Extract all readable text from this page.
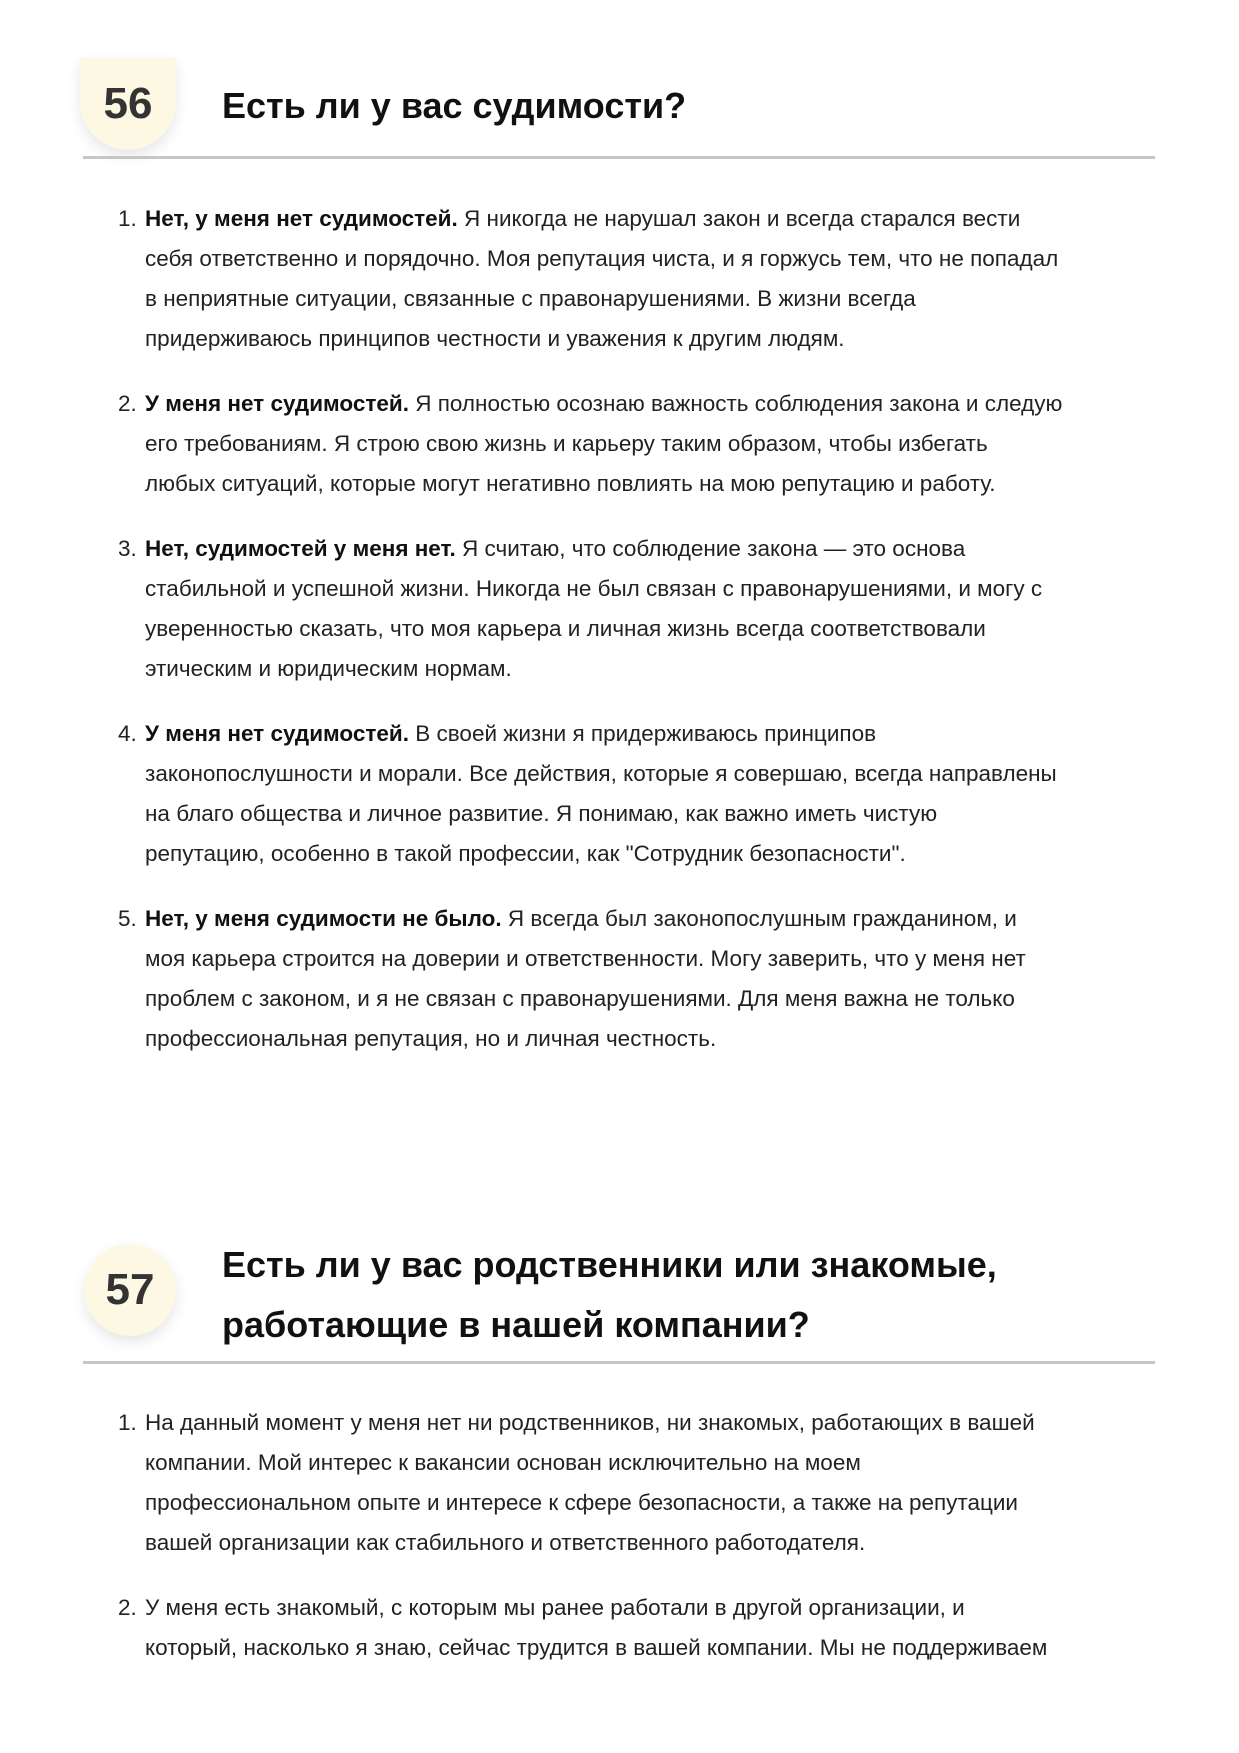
56	Есть ли у вас судимости?
1. Нет, у меня нет судимостей. Я никогда не нарушал закон и всегда старался вести
себя ответственно и порядочно. Моя репутация чиста, и я горжусь тем, что не попадал
в неприятные ситуации, связанные с правонарушениями. В жизни всегда
придерживаюсь принципов честности и уважения к другим людям.
2. У меня нет судимостей. Я полностью осознаю важность соблюдения закона и следую
его требованиям. Я строю свою жизнь и карьеру таким образом, чтобы избегать
любых ситуаций, которые могут негативно повлиять на мою репутацию и работу.
3. Нет, судимостей у меня нет. Я считаю, что соблюдение закона — это основа
стабильной и успешной жизни. Никогда не был связан с правонарушениями, и могу с
уверенностью сказать, что моя карьера и личная жизнь всегда соответствовали
этическим и юридическим нормам.
4. У меня нет судимостей. В своей жизни я придерживаюсь принципов
законопослушности и морали. Все действия, которые я совершаю, всегда направлены
на благо общества и личное развитие. Я понимаю, как важно иметь чистую
репутацию, особенно в такой профессии, как "Сотрудник безопасности".
5. Нет, у меня судимости не было. Я всегда был законопослушным гражданином, и
моя карьера строится на доверии и ответственности. Могу заверить, что у меня нет
проблем с законом, и я не связан с правонарушениями. Для меня важна не только
профессиональная репутация, но и личная честность.
57
Есть ли у вас родственники или знакомые,
работающие в нашей компании?
1. На данный момент у меня нет ни родственников, ни знакомых, работающих в вашей
компании. Мой интерес к вакансии основан исключительно на моем
профессиональном опыте и интересе к сфере безопасности, а также на репутации
вашей организации как стабильного и ответственного работодателя.
2. У меня есть знакомый, с которым мы ранее работали в другой организации, и
который, насколько я знаю, сейчас трудится в вашей компании. Мы не поддерживаем
